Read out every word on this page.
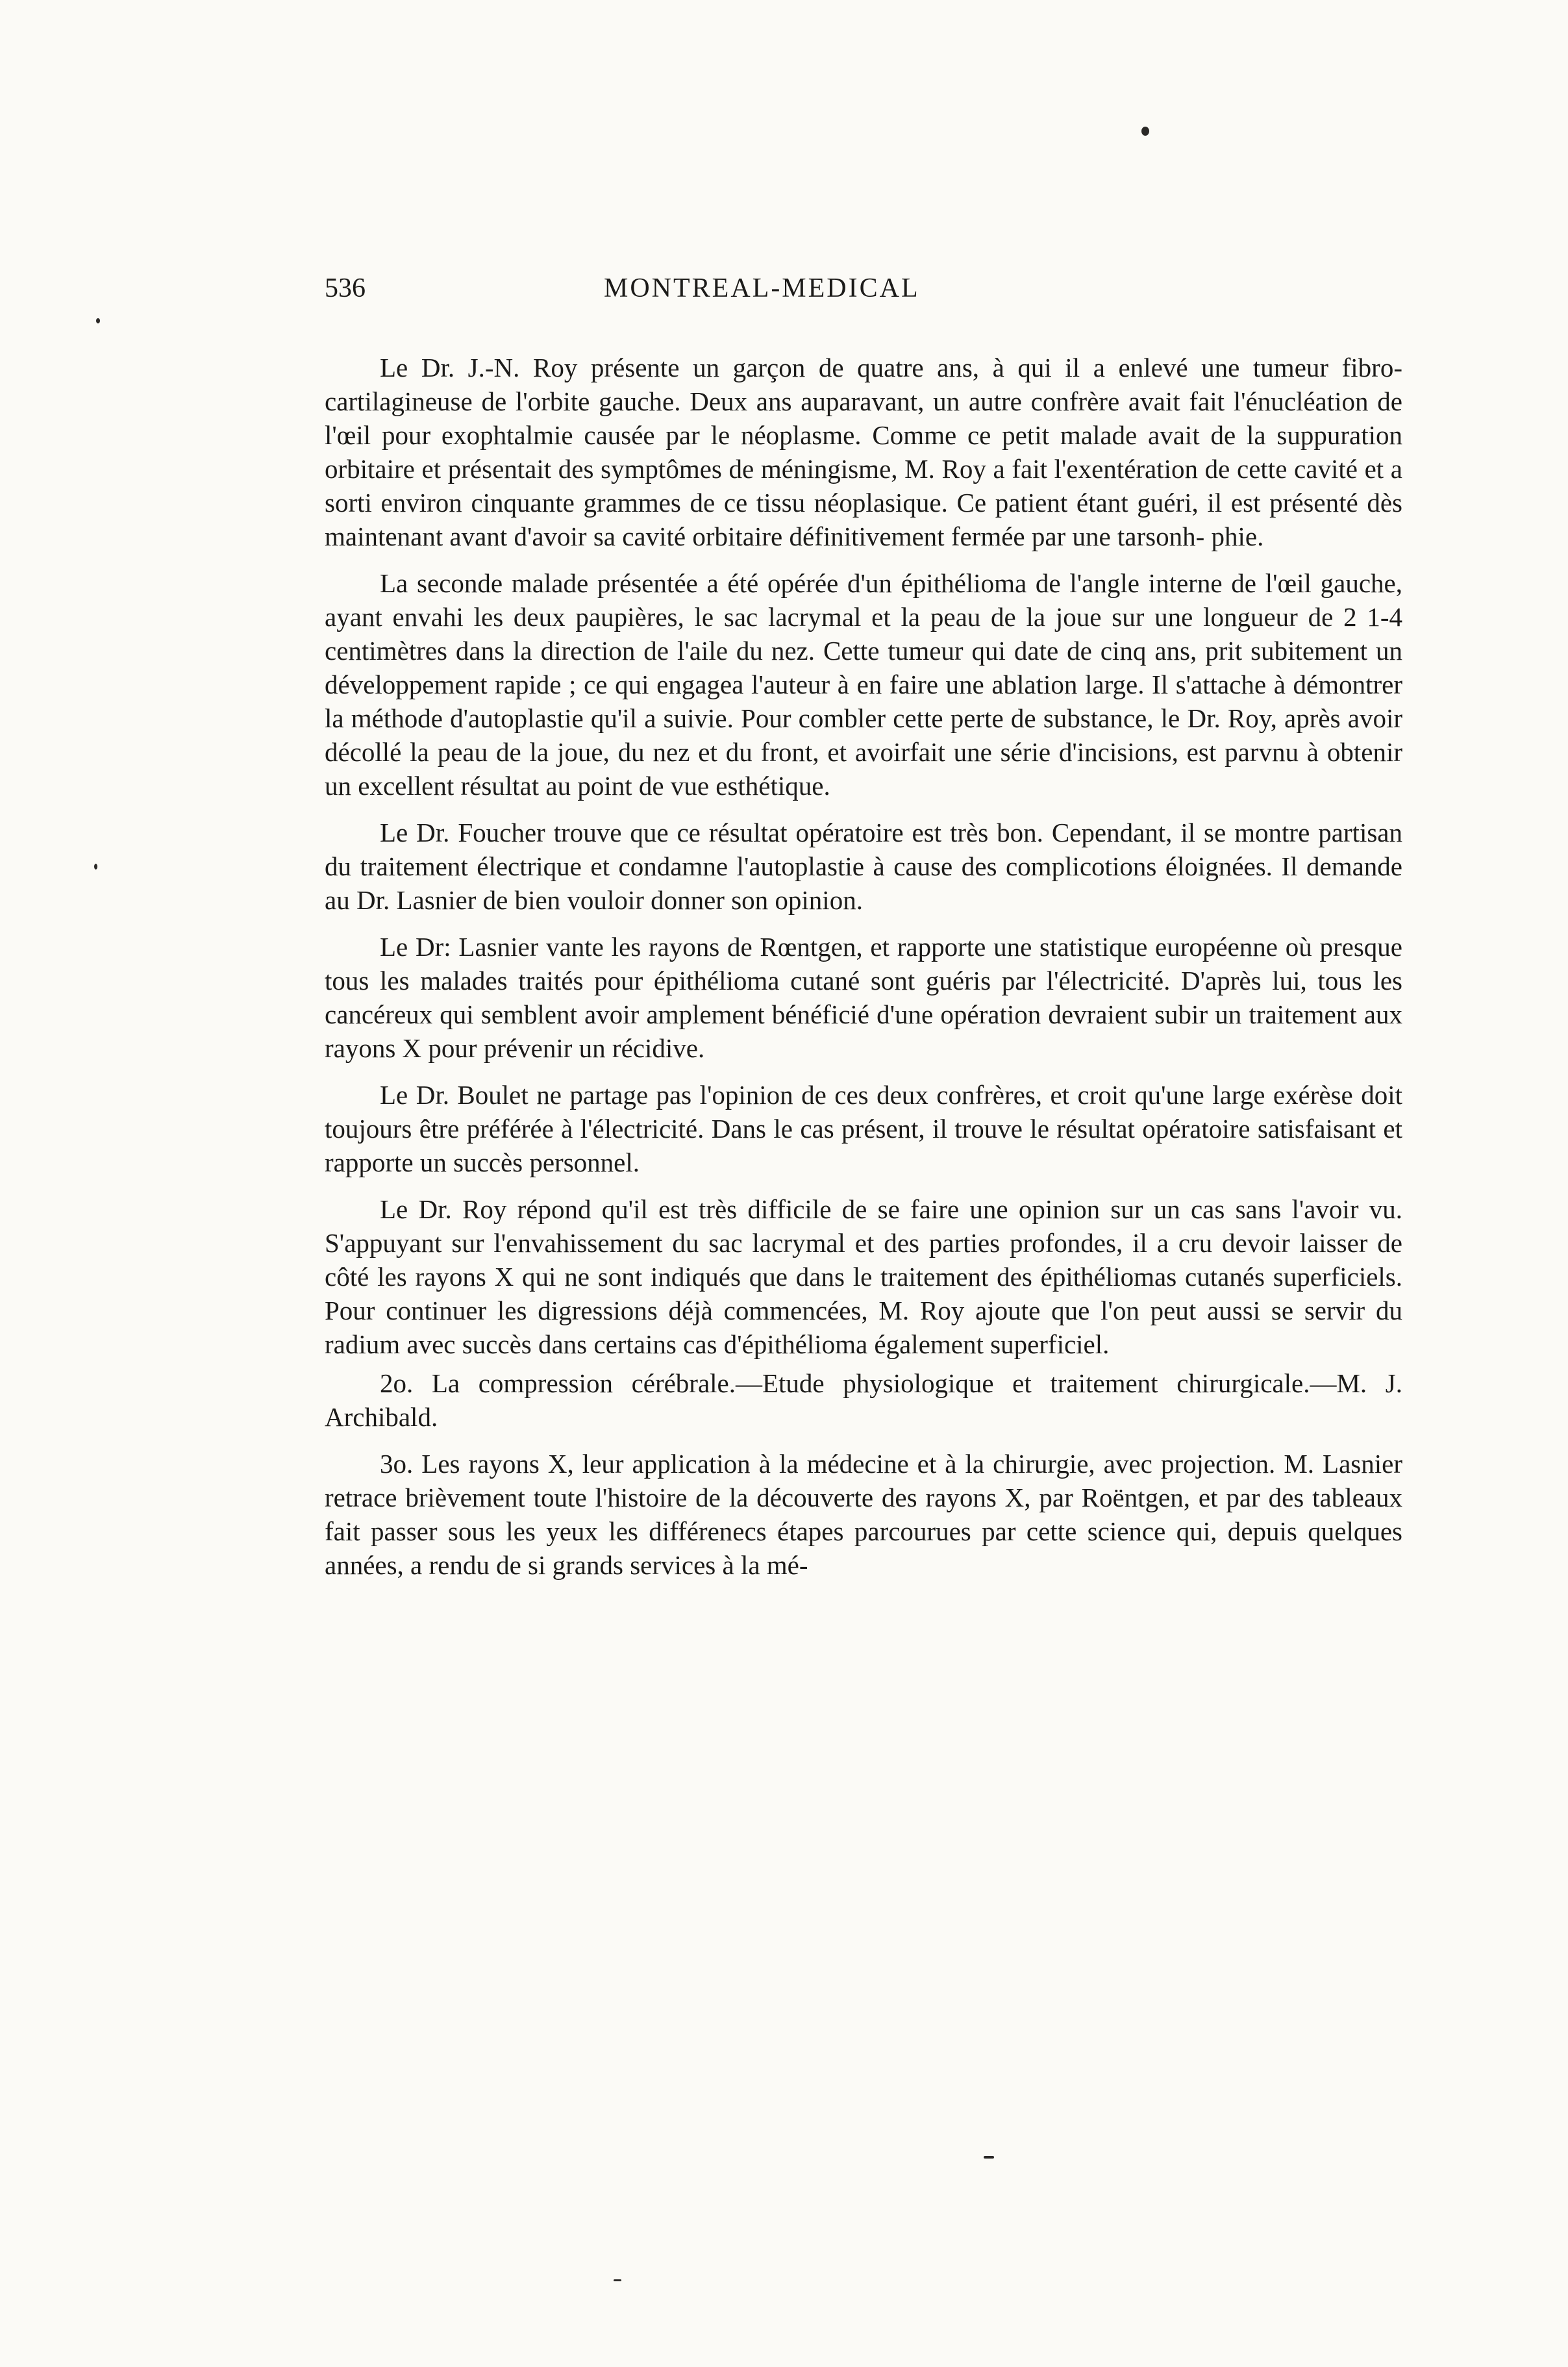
536	MONTREAL-MEDICAL

Le Dr. J.-N. Roy présente un garçon de quatre ans, à qui il a enlevé une tumeur fibro-cartilagineuse de l'orbite gauche. Deux ans auparavant, un autre confrère avait fait l'énucléation de l'œil pour exophtalmie causée par le néoplasme. Comme ce petit malade avait de la suppuration orbitaire et présentait des symptômes de méningisme, M. Roy a fait l'exentération de cette cavité et a sorti environ cinquante grammes de ce tissu néoplasique. Ce patient étant guéri, il est présenté dès maintenant avant d'avoir sa cavité orbitaire définitivement fermée par une tarsonh- phie.

La seconde malade présentée a été opérée d'un épithélioma de l'angle interne de l'œil gauche, ayant envahi les deux paupières, le sac lacrymal et la peau de la joue sur une longueur de 2 1-4 centimètres dans la direction de l'aile du nez. Cette tumeur qui date de cinq ans, prit subitement un développement rapide ; ce qui engagea l'auteur à en faire une ablation large. Il s'attache à démontrer la méthode d'autoplastie qu'il a suivie. Pour combler cette perte de substance, le Dr. Roy, après avoir décollé la peau de la joue, du nez et du front, et avoirfait une série d'incisions, est parvnu à obtenir un excellent résultat au point de vue esthétique.

Le Dr. Foucher trouve que ce résultat opératoire est très bon. Cependant, il se montre partisan du traitement électrique et condamne l'autoplastie à cause des complicotions éloignées. Il demande au Dr. Lasnier de bien vouloir donner son opinion.

Le Dr: Lasnier vante les rayons de Rœntgen, et rapporte une statistique européenne où presque tous les malades traités pour épithélioma cutané sont guéris par l'électricité. D'après lui, tous les cancéreux qui semblent avoir amplement bénéficié d'une opération devraient subir un traitement aux rayons X pour prévenir un récidive.

Le Dr. Boulet ne partage pas l'opinion de ces deux confrères, et croit qu'une large exérèse doit toujours être préférée à l'électricité. Dans le cas présent, il trouve le résultat opératoire satisfaisant et rapporte un succès personnel.

Le Dr. Roy répond qu'il est très difficile de se faire une opinion sur un cas sans l'avoir vu. S'appuyant sur l'envahissement du sac lacrymal et des parties profondes, il a cru devoir laisser de côté les rayons X qui ne sont indiqués que dans le traitement des épithéliomas cutanés superficiels. Pour continuer les digressions déjà commencées, M. Roy ajoute que l'on peut aussi se servir du radium avec succès dans certains cas d'épithélioma également superficiel.

2o. La compression cérébrale.—Etude physiologique et traitement chirurgicale.—M. J. Archibald.

3o. Les rayons X, leur application à la médecine et à la chirurgie, avec projection. M. Lasnier retrace brièvement toute l'histoire de la découverte des rayons X, par Roëntgen, et par des tableaux fait passer sous les yeux les différenecs étapes parcourues par cette science qui, depuis quelques années, a rendu de si grands services à la mé-
